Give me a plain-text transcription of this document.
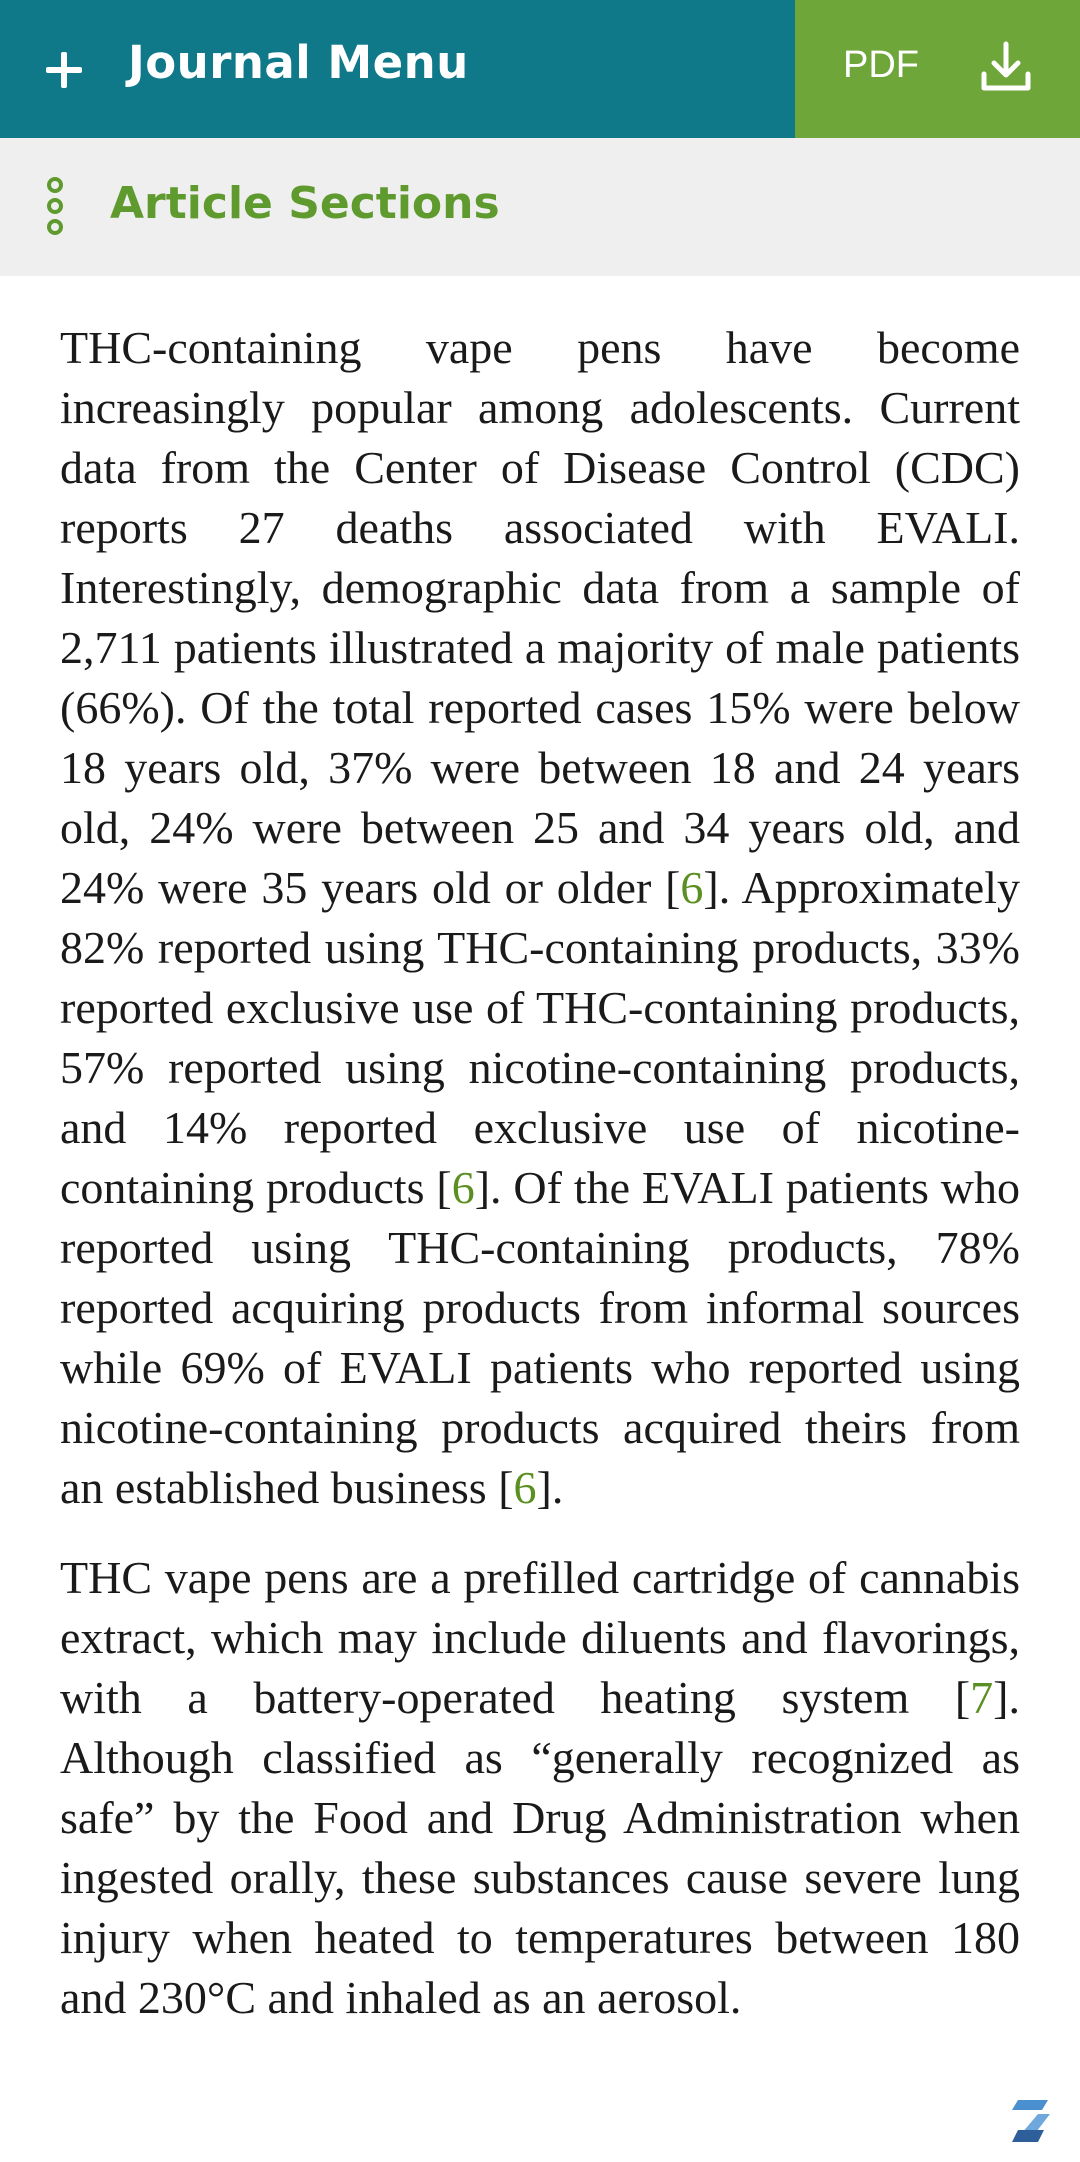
Journal Menu	PDF
Article Sections

THC-containing vape pens have become increasingly popular among adolescents. Current data from the Center of Disease Control (CDC) reports 27 deaths associated with EVALI. Interestingly, demographic data from a sample of 2,711 patients illustrated a majority of male patients (66%). Of the total reported cases 15% were below 18 years old, 37% were between 18 and 24 years old, 24% were between 25 and 34 years old, and 24% were 35 years old or older [6]. Approximately 82% reported using THC-containing products, 33% reported exclusive use of THC-containing products, 57% reported using nicotine-containing products, and 14% reported exclusive use of nicotine-containing products [6]. Of the EVALI patients who reported using THC-containing products, 78% reported acquiring products from informal sources while 69% of EVALI patients who reported using nicotine-containing products acquired theirs from an established business [6].

THC vape pens are a prefilled cartridge of cannabis extract, which may include diluents and flavorings, with a battery-operated heating system [7]. Although classified as “generally recognized as safe” by the Food and Drug Administration when ingested orally, these substances cause severe lung injury when heated to temperatures between 180 and 230°C and inhaled as an aerosol.
